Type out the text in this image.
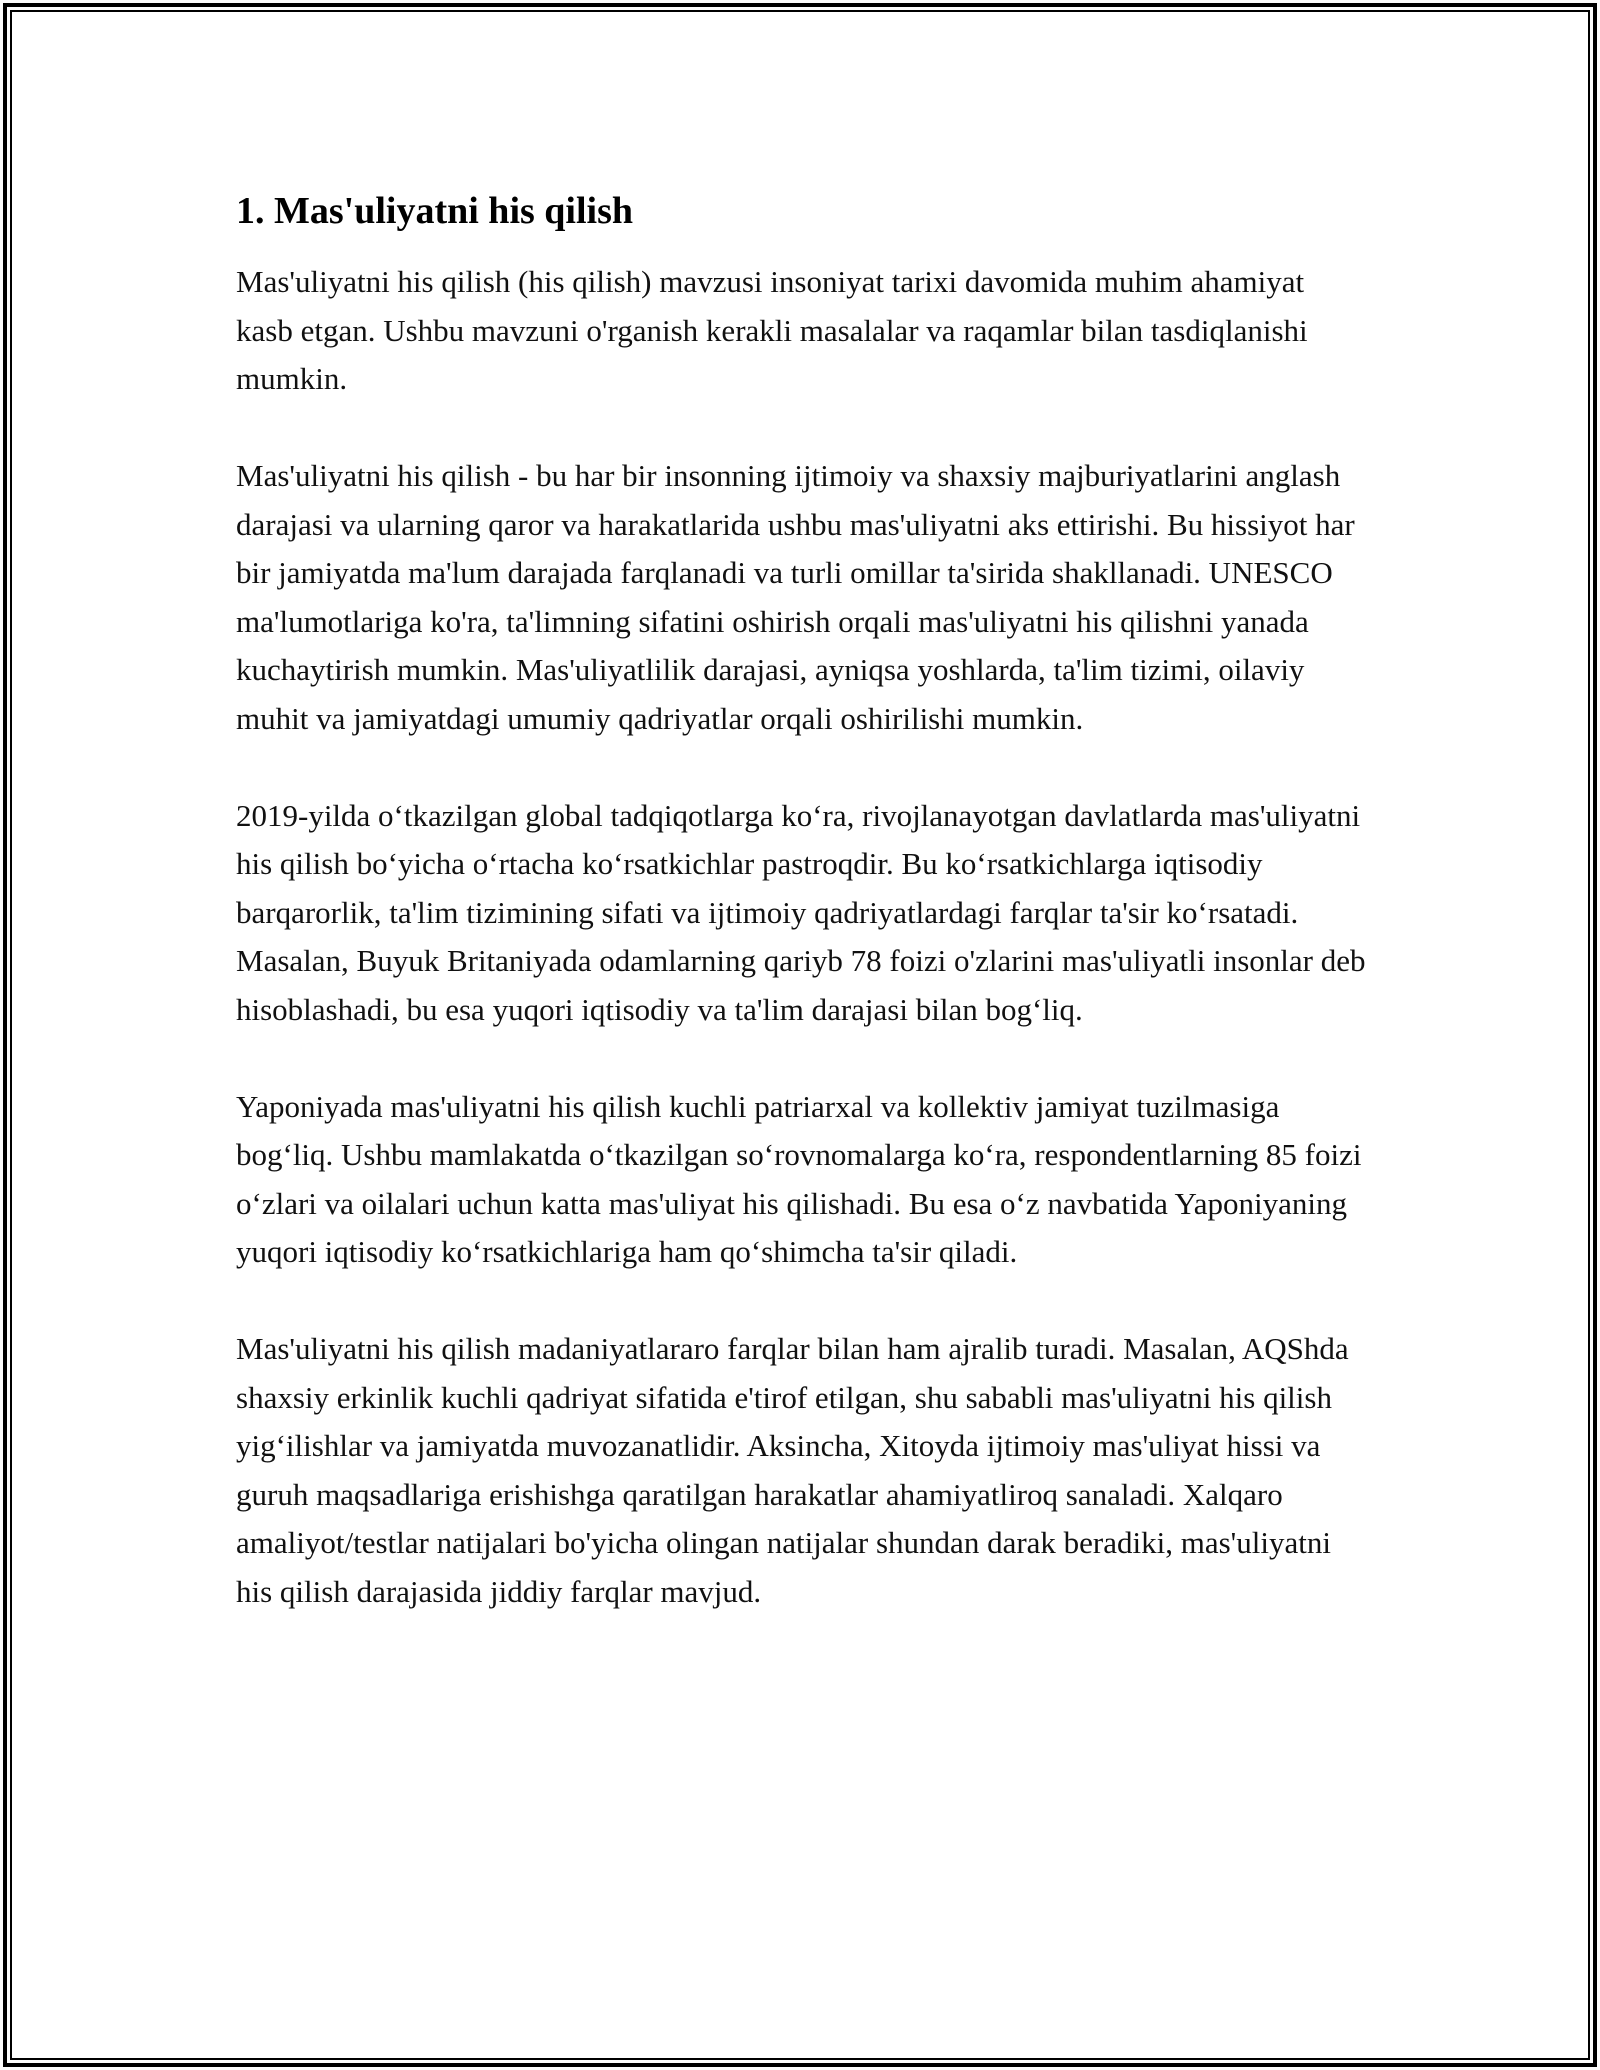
1. Mas'uliyatni his qilish

Mas'uliyatni his qilish (his qilish) mavzusi insoniyat tarixi davomida muhim ahamiyat kasb etgan. Ushbu mavzuni o'rganish kerakli masalalar va raqamlar bilan tasdiqlanishi mumkin.

Mas'uliyatni his qilish - bu har bir insonning ijtimoiy va shaxsiy majburiyatlarini anglash darajasi va ularning qaror va harakatlarida ushbu mas'uliyatni aks ettirishi. Bu hissiyot har bir jamiyatda ma'lum darajada farqlanadi va turli omillar ta'sirida shakllanadi. UNESCO ma'lumotlariga ko'ra, ta'limning sifatini oshirish orqali mas'uliyatni his qilishni yanada kuchaytirish mumkin. Mas'uliyatlilik darajasi, ayniqsa yoshlarda, ta'lim tizimi, oilaviy muhit va jamiyatdagi umumiy qadriyatlar orqali oshirilishi mumkin.

2019-yilda o‘tkazilgan global tadqiqotlarga ko‘ra, rivojlanayotgan davlatlarda mas'uliyatni his qilish bo‘yicha o‘rtacha ko‘rsatkichlar pastroqdir. Bu ko‘rsatkichlarga iqtisodiy barqarorlik, ta'lim tizimining sifati va ijtimoiy qadriyatlardagi farqlar ta'sir ko‘rsatadi. Masalan, Buyuk Britaniyada odamlarning qariyb 78 foizi o'zlarini mas'uliyatli insonlar deb hisoblashadi, bu esa yuqori iqtisodiy va ta'lim darajasi bilan bog‘liq.

Yaponiyada mas'uliyatni his qilish kuchli patriarxal va kollektiv jamiyat tuzilmasiga bog‘liq. Ushbu mamlakatda o‘tkazilgan so‘rovnomalarga ko‘ra, respondentlarning 85 foizi o‘zlari va oilalari uchun katta mas'uliyat his qilishadi. Bu esa o‘z navbatida Yaponiyaning yuqori iqtisodiy ko‘rsatkichlariga ham qo‘shimcha ta'sir qiladi.

Mas'uliyatni his qilish madaniyatlararo farqlar bilan ham ajralib turadi. Masalan, AQShda shaxsiy erkinlik kuchli qadriyat sifatida e'tirof etilgan, shu sababli mas'uliyatni his qilish yig‘ilishlar va jamiyatda muvozanatlidir. Aksincha, Xitoyda ijtimoiy mas'uliyat hissi va guruh maqsadlariga erishishga qaratilgan harakatlar ahamiyatliroq sanaladi. Xalqaro amaliyot/testlar natijalari bo'yicha olingan natijalar shundan darak beradiki, mas'uliyatni his qilish darajasida jiddiy farqlar mavjud.
